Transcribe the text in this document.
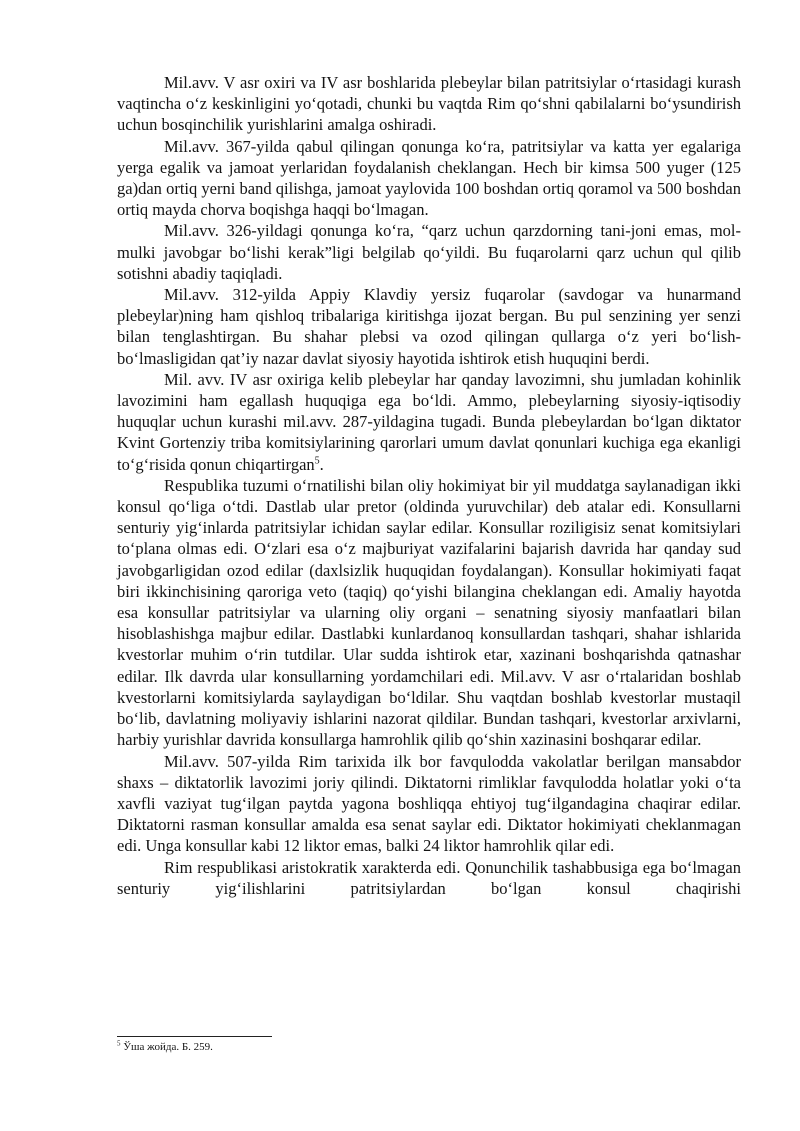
Mil.avv. V asr oxiri va IV asr boshlarida plebeylar bilan patritsiylar o‘rtasidagi kurash vaqtincha o‘z keskinligini yo‘qotadi, chunki bu vaqtda Rim qo‘shni qabilalarni bo‘ysundirish uchun bosqinchilik yurishlarini amalga oshiradi.

Mil.avv. 367-yilda qabul qilingan qonunga ko‘ra, patritsiylar va katta yer egalariga yerga egalik va jamoat yerlaridan foydalanish cheklangan. Hech bir kimsa 500 yuger (125 ga)dan ortiq yerni band qilishga, jamoat yaylovida 100 boshdan ortiq qoramol va 500 boshdan ortiq mayda chorva boqishga haqqi bo‘lmagan.

Mil.avv. 326-yildagi qonunga ko‘ra, “qarz uchun qarzdorning tani-joni emas, mol-mulki javobgar bo‘lishi kerak”ligi belgilab qo‘yildi. Bu fuqarolarni qarz uchun qul qilib sotishni abadiy taqiqladi.

Mil.avv. 312-yilda Appiy Klavdiy yersiz fuqarolar (savdogar va hunarmand plebeylar)ning ham qishloq tribalariga kiritishga ijozat bergan. Bu pul senzining yer senzi bilan tenglashtirgan. Bu shahar plebsi va ozod qilingan qullarga o‘z yeri bo‘lish-bo‘lmasligidan qat’iy nazar davlat siyosiy hayotida ishtirok etish huquqini berdi.

Mil. avv. IV asr oxiriga kelib plebeylar har qanday lavozimni, shu jumladan kohinlik lavozimini ham egallash huquqiga ega bo‘ldi. Ammo, plebeylarning siyosiy-iqtisodiy huquqlar uchun kurashi mil.avv. 287-yildagina tugadi. Bunda plebeylardan bo‘lgan diktator Kvint Gortenziy triba komitsiylarining qarorlari umum davlat qonunlari kuchiga ega ekanligi to‘g‘risida qonun chiqartirgan$^5$.

Respublika tuzumi o‘rnatilishi bilan oliy hokimiyat bir yil muddatga saylanadigan ikki konsul qo‘liga o‘tdi. Dastlab ular pretor (oldinda yuruvchilar) deb atalar edi. Konsullarni senturiy yig‘inlarda patritsiylar ichidan saylar edilar. Konsullar roziligisiz senat komitsiylari to‘plana olmas edi. O‘zlari esa o‘z majburiyat vazifalarini bajarish davrida har qanday sud javobgarligidan ozod edilar (daxlsizlik huquqidan foydalangan). Konsullar hokimiyati faqat biri ikkinchisining qaroriga veto (taqiq) qo‘yishi bilangina cheklangan edi. Amaliy hayotda esa konsullar patritsiylar va ularning oliy organi – senatning siyosiy manfaatlari bilan hisoblashishga majbur edilar. Dastlabki kunlardanoq konsullardan tashqari, shahar ishlarida kvestorlar muhim o‘rin tutdilar. Ular sudda ishtirok etar, xazinani boshqarishda qatnashar edilar. Ilk davrda ular konsullarning yordamchilari edi. Mil.avv. V asr o‘rtalaridan boshlab kvestorlarni komitsiylarda saylaydigan bo‘ldilar. Shu vaqtdan boshlab kvestorlar mustaqil bo‘lib, davlatning moliyaviy ishlarini nazorat qildilar. Bundan tashqari, kvestorlar arxivlarni, harbiy yurishlar davrida konsullarga hamrohlik qilib qo‘shin xazinasini boshqarar edilar.

Mil.avv. 507-yilda Rim tarixida ilk bor favqulodda vakolatlar berilgan mansabdor shaxs – diktatorlik lavozimi joriy qilindi. Diktatorni rimliklar favqulodda holatlar yoki o‘ta xavfli vaziyat tug‘ilgan paytda yagona boshliqqa ehtiyoj tug‘ilgandagina chaqirar edilar. Diktatorni rasman konsullar amalda esa senat saylar edi. Diktator hokimiyati cheklanmagan edi. Unga konsullar kabi 12 liktor emas, balki 24 liktor hamrohlik qilar edi.

Rim respublikasi aristokratik xarakterda edi. Qonunchilik tashabbusiga ega bo‘lmagan senturiy yig‘ilishlarini patritsiylardan bo‘lgan konsul chaqirishi

$^5$ Ўша жойда. Б. 259.
